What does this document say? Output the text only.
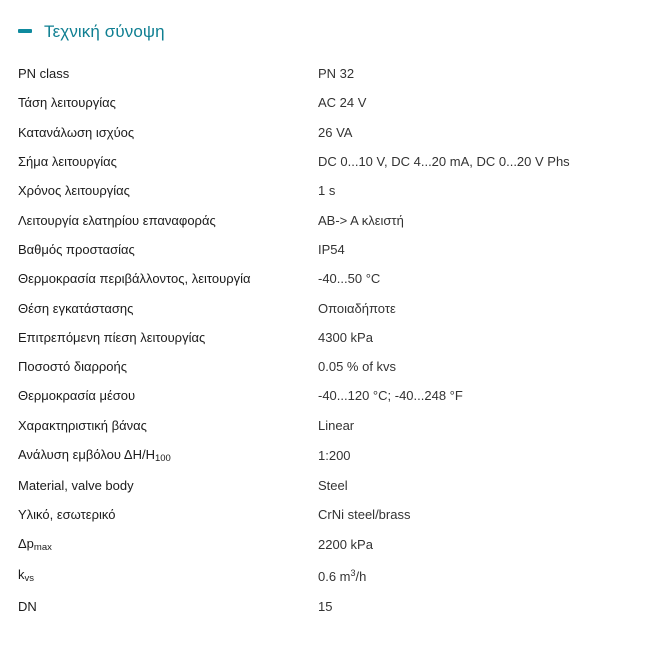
Τεχνική σύνοψη
PN class	PN 32
Τάση λειτουργίας	AC 24 V
Κατανάλωση ισχύος	26 VA
Σήμα λειτουργίας	DC 0...10 V, DC 4...20 mA, DC 0...20 V Phs
Χρόνος λειτουργίας	1 s
Λειτουργία ελατηρίου επαναφοράς	AB-> A κλειστή
Βαθμός προστασίας	IP54
Θερμοκρασία περιβάλλοντος, λειτουργία	-40...50 °C
Θέση εγκατάστασης	Οποιαδήποτε
Επιτρεπόμενη πίεση λειτουργίας	4300 kPa
Ποσοστό διαρροής	0.05 % of kvs
Θερμοκρασία μέσου	-40...120 °C; -40...248 °F
Χαρακτηριστική βάνας	Linear
Ανάλυση εμβόλου $\Delta H/H_{100}$	1:200
Material, valve body	Steel
Υλικό, εσωτερικό	CrNi steel/brass
$\Delta p_{max}$	2200 kPa
$k_{vs}$	0.6 $m^3/h$
DN	15
